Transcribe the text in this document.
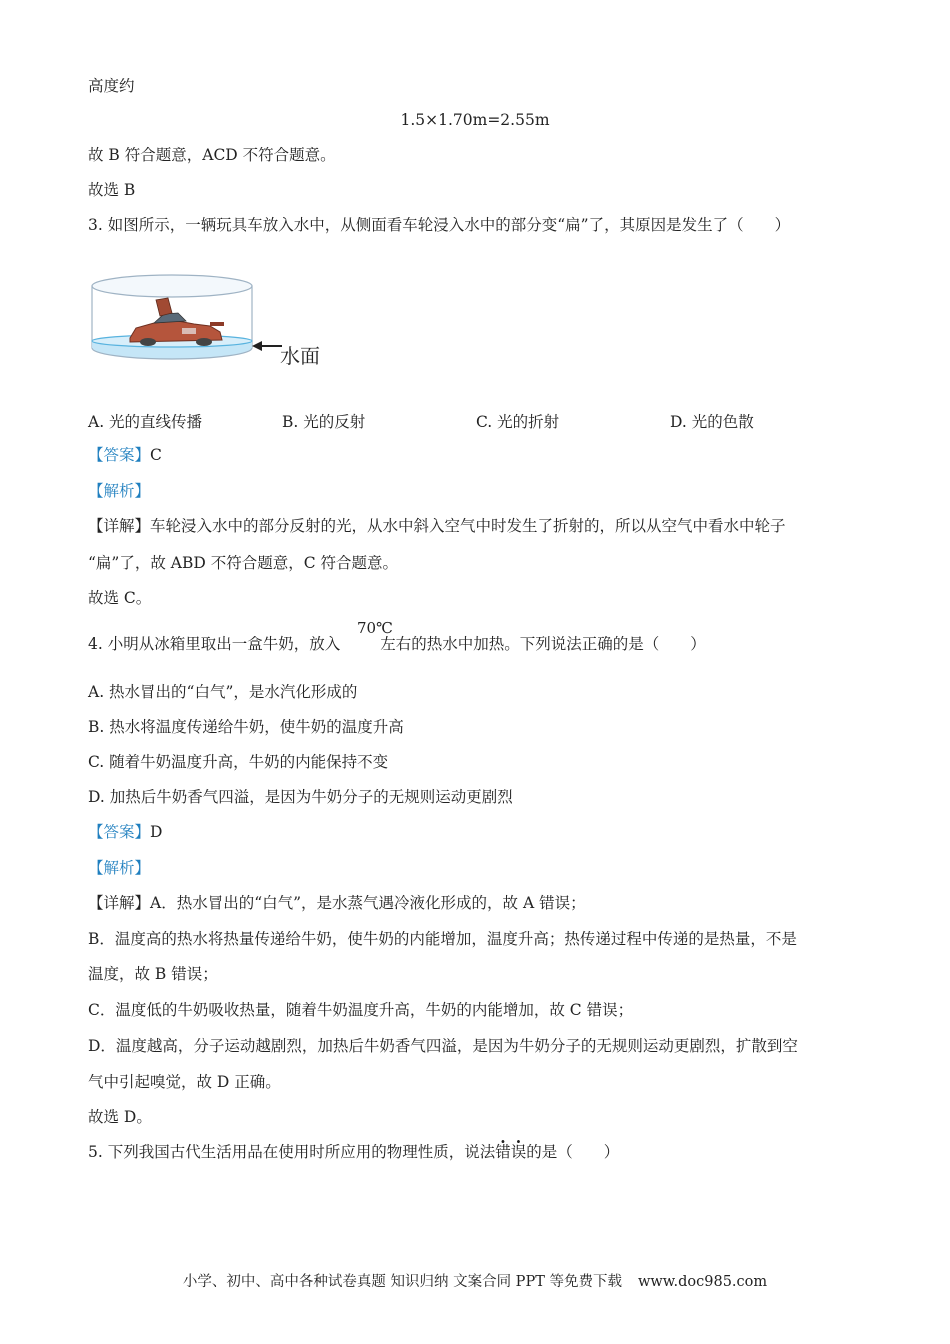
高度约
1.5×1.70m=2.55m
故 B 符合题意，ACD 不符合题意。
故选 B
3. 如图所示，一辆玩具车放入水中，从侧面看车轮浸入水中的部分变“扁”了，其原因是发生了（　　）
水面
A. 光的直线传播	B. 光的反射	C. 光的折射	D. 光的色散
【答案】C
【解析】
【详解】车轮浸入水中的部分反射的光，从水中斜入空气中时发生了折射的，所以从空气中看水中轮子
“扁”了，故 ABD 不符合题意，C 符合题意。
故选 C。
4. 小明从冰箱里取出一盒牛奶，放入	左右的热水中加热。下列说法正确的是（　　）
70℃
A. 热水冒出的“白气”，是水汽化形成的
B. 热水将温度传递给牛奶，使牛奶的温度升高
C. 随着牛奶温度升高，牛奶的内能保持不变
D. 加热后牛奶香气四溢，是因为牛奶分子的无规则运动更剧烈
【答案】D
【解析】
【详解】A．热水冒出的“白气”，是水蒸气遇冷液化形成的，故 A 错误；
B．温度高的热水将热量传递给牛奶，使牛奶的内能增加，温度升高；热传递过程中传递的是热量，不是
温度，故 B 错误；
C．温度低的牛奶吸收热量，随着牛奶温度升高，牛奶的内能增加，故 C 错误；
D．温度越高，分子运动越剧烈，加热后牛奶香气四溢，是因为牛奶分子的无规则运动更剧烈，扩散到空
气中引起嗅觉，故 D 正确。
故选 D。
5. 下列我国古代生活用品在使用时所应用的物理性质，说法错误的是（　　）
小学、初中、高中各种试卷真题 知识归纳 文案合同 PPT 等免费下载 www.doc985.com
